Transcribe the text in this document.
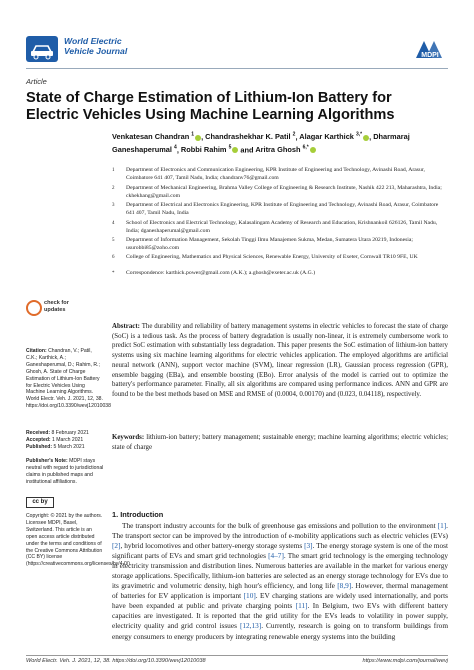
World Electric
Vehicle Journal	MDPI
Article
State of Charge Estimation of Lithium-Ion Battery for Electric Vehicles Using Machine Learning Algorithms
Venkatesan Chandran $^1$ , Chandrashekhar K. Patil $^2$, Alagar Karthick $^{3,*}$ , Dharmaraj Ganeshaperumal $^4$, Robbi Rahim $^5$ and Aritra Ghosh $^{6,*}$
1 Department of Electronics and Communication Engineering, KPR Institute of Engineering and Technology, Avinashi Road, Arasur, Coimbatore 641 407, Tamil Nadu, India; chandranv76@gmail.com
2 Department of Mechanical Engineering, Brahma Valley College of Engineering & Research Institute, Nashik 422 213, Maharashtra, India; ckhekhang@gmail.com
3 Department of Electrical and Electronics Engineering, KPR Institute of Engineering and Technology, Avinashi Road, Arasur, Coimbatore 641 407, Tamil Nadu, India
4 School of Electronics and Electrical Technology, Kalasalingam Academy of Research and Education, Krishnankoil 626126, Tamil Nadu, India; dganeshaperumal@gmail.com
5 Department of Information Management, Sekolah Tinggi Ilmu Manajemen Sukma, Medan, Sumatera Utara 20219, Indonesia; usurobbi85@zoho.com
6 College of Engineering, Mathematics and Physical Sciences, Renewable Energy, University of Exeter, Cornwall TR10 9FE, UK
* Correspondence: karthick.power@gmail.com (A.K.); a.ghosh@exeter.ac.uk (A.G.)
Abstract: The durability and reliability of battery management systems in electric vehicles to forecast the state of charge (SoC) is a tedious task. As the process of battery degradation is usually non-linear, it is extremely cumbersome work to predict SoC estimation with substantially less degradation. This paper presents the SoC estimation of lithium-ion battery systems using six machine learning algorithms for electric vehicles application. The employed algorithms are artificial neural network (ANN), support vector machine (SVM), linear regression (LR), Gaussian process regression (GPR), ensemble bagging (EBa), and ensemble boosting (EBo). Error analysis of the model is carried out to optimize the battery's performance parameter. Finally, all six algorithms are compared using performance indices. ANN and GPR are found to be the best methods based on MSE and RMSE of (0.0004, 0.00170) and (0.023, 0.04118), respectively.
Keywords: lithium-ion battery; battery management; sustainable energy; machine learning algorithms; electric vehicles; state of charge
1. Introduction
The transport industry accounts for the bulk of greenhouse gas emissions and pollution to the environment [1]. The transport sector can be improved by the introduction of e-mobility applications such as electric vehicles (EVs) [2], hybrid locomotives and other battery-energy storage systems [3]. The energy storage system is one of the most significant parts of EVs and smart grid technologies [4–7]. The smart grid technology is the emerging technology in electricity transmission and distribution lines. Numerous batteries are available in the market for various energy storage applications. Specifically, lithium-ion batteries are selected as an energy storage technology for EVs due to its gravimetric and volumetric density, high hour's efficiency, and long life [8,9]. However, thermal management of batteries for EV application is important [10]. EV charging stations are widely used internationally, and ports have been expanded at public and private charging points [11]. In Belgium, two EVs with different battery capacities are investigated. It is reported that the grid utility for the EVs leads to volatility in power supply, electricity quality and grid control issues [12,13]. Currently, research is going on to transform buildings from energy consumers to energy producers by integrating renewable energy systems into the building
check for updates
Citation: Chandran, V.; Patil, C.K.; Karthick, A.; Ganeshaperumal, D.; Rahim, R.; Ghosh, A. State of Charge Estimation of Lithium-Ion Battery for Electric Vehicles Using Machine Learning Algorithms. World Electr. Veh. J. 2021, 12, 38. https://doi.org/10.3390/wevj12010038
Received: 8 February 2021
Accepted: 1 March 2021
Published: 5 March 2021
Publisher's Note: MDPI stays neutral with regard to jurisdictional claims in published maps and institutional affiliations.
cc by
Copyright: © 2021 by the authors. Licensee MDPI, Basel, Switzerland. This article is an open access article distributed under the terms and conditions of the Creative Commons Attribution (CC BY) license (https://creativecommons.org/licenses/by/4.0/).
World Electr. Veh. J. 2021, 12, 38. https://doi.org/10.3390/wevj12010038	https://www.mdpi.com/journal/wevj
